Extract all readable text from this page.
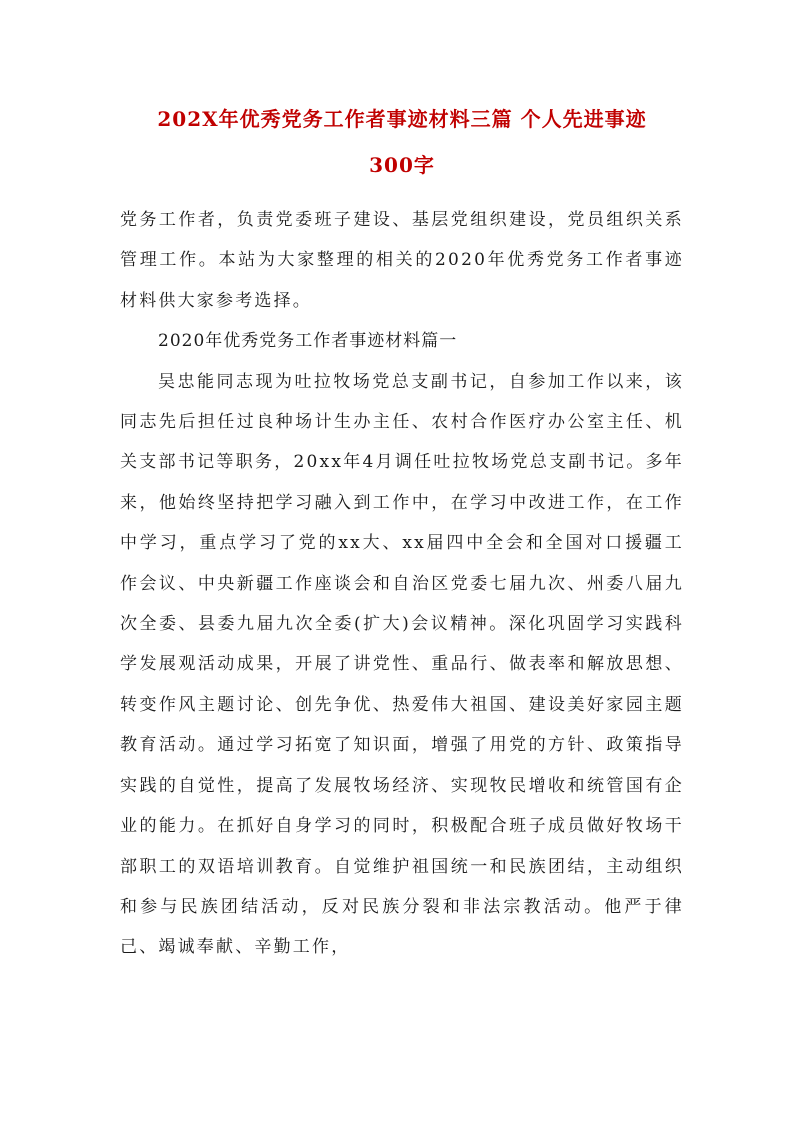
202X年优秀党务工作者事迹材料三篇 个人先进事迹
300字

党务工作者，负责党委班子建设、基层党组织建设，党员组织关系管理工作。本站为大家整理的相关的2020年优秀党务工作者事迹材料供大家参考选择。

2020年优秀党务工作者事迹材料篇一

吴忠能同志现为吐拉牧场党总支副书记，自参加工作以来，该同志先后担任过良种场计生办主任、农村合作医疗办公室主任、机关支部书记等职务，20xx年4月调任吐拉牧场党总支副书记。多年来，他始终坚持把学习融入到工作中，在学习中改进工作，在工作中学习，重点学习了党的xx大、xx届四中全会和全国对口援疆工作会议、中央新疆工作座谈会和自治区党委七届九次、州委八届九次全委、县委九届九次全委(扩大)会议精神。深化巩固学习实践科学发展观活动成果，开展了讲党性、重品行、做表率和解放思想、转变作风主题讨论、创先争优、热爱伟大祖国、建设美好家园主题教育活动。通过学习拓宽了知识面，增强了用党的方针、政策指导实践的自觉性，提高了发展牧场经济、实现牧民增收和统管国有企业的能力。在抓好自身学习的同时，积极配合班子成员做好牧场干部职工的双语培训教育。自觉维护祖国统一和民族团结，主动组织和参与民族团结活动，反对民族分裂和非法宗教活动。他严于律己、竭诚奉献、辛勤工作，
